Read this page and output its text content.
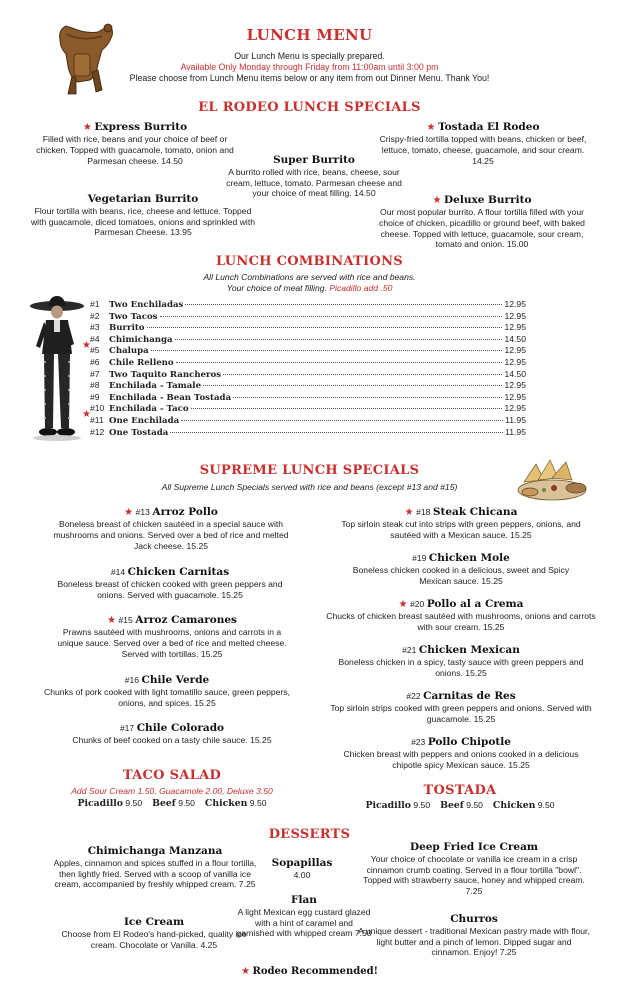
LUNCH MENU
Our Lunch Menu is specially prepared.
Available Only Monday through Friday from 11:00am until 3:00 pm
Please choose from Lunch Menu items below or any item from out Dinner Menu. Thank You!
EL RODEO LUNCH SPECIALS
★ Express Burrito
Filled with rice, beans and your choice of beef or chicken. Topped with guacamole, tomato, onion and Parmesan cheese. 14.50
★ Tostada El Rodeo
Crispy-fried tortilla topped with beans, chicken or beef, lettuce, tomato, cheese, guacamole, and sour cream. 14.25
Super Burrito
A burrito rolled with rice, beans, cheese, sour cream, lettuce, tomato. Parmesan cheese and your choice of meat filling. 14.50
Vegetarian Burrito
Flour tortilla with beans, rice, cheese and lettuce. Topped with guacamole, diced tomatoes, onions and sprinkled with Parmesan Cheese. 13.95
★ Deluxe Burrito
Our most popular burrito. A flour tortilla filled with your choice of chicken, picadillo or ground beef, with baked cheese. Topped with lettuce, guacamole, sour cream, tomato and onion. 15.00
LUNCH COMBINATIONS
All Lunch Combinations are served with rice and beans.
Your choice of meat filling. Picadillo add .50
#1	Two Enchiladas	12.95
#2	Two Tacos	12.95
#3	Burrito	12.95
★
#4	Chimichanga	14.50
#5	Chalupa	12.95
#6	Chile Relleno	12.95
#7	Two Taquito Rancheros	14.50
#8	Enchilada - Tamale	12.95
#9	Enchilada - Bean Tostada	12.95
★
#10 Enchilada - Taco	12.95
#11 One Enchilada	11.95
#12 One Tostada	11.95
SUPREME LUNCH SPECIALS
All Supreme Lunch Specials served with rice and beans (except #13 and #15)
★ #13 Arroz Pollo
Boneless breast of chicken sautéed in a special sauce with mushrooms and onions. Served over a bed of rice and melted Jack cheese. 15.25
#14 Chicken Carnitas
Boneless breast of chicken cooked with green peppers and onions. Served with guacamole. 15.25
★ #15 Arroz Camarones
Prawns sautéed with mushrooms, onions and carrots in a unique sauce. Served over a bed of rice and melted cheese. Served with tortillas. 15.25
#16 Chile Verde
Chunks of pork cooked with light tomatillo sauce, green peppers, onions, and spices. 15.25
#17 Chile Colorado
Chunks of beef cooked on a tasty chile sauce. 15.25
★ #18 Steak Chicana
Top sirloin steak cut into strips with green peppers, onions, and sautéed with a Mexican sauce. 15.25
#19 Chicken Mole
Boneless chicken cooked in a delicious, sweet and Spicy Mexican sauce. 15.25
★ #20 Pollo al a Crema
Chucks of chicken breast sautéed with mushrooms, onions and carrots with sour cream. 15.25
#21 Chicken Mexican
Boneless chicken in a spicy, tasty sauce with green peppers and onions. 15.25
#22 Carnitas de Res
Top sirloin strips cooked with green peppers and onions. Served with guacamole. 15.25
#23 Pollo Chipotle
Chicken breast with peppers and onions cooked in a delicious chipotle spicy Mexican sauce. 15.25
TACO SALAD
Add Sour Cream 1.50, Guacamole 2.00, Deluxe 3.50
Picadillo 9.50 Beef 9.50 Chicken 9.50
TOSTADA
Picadillo 9.50 Beef 9.50 Chicken 9.50
DESSERTS
Chimichanga Manzana
Apples, cinnamon and spices stuffed in a flour tortilla, then lightly fried. Served with a scoop of vanilla ice cream, accompanied by freshly whipped cream. 7.25
Sopapillas
4.00
Flan
A light Mexican egg custard glazed with a hint of caramel and garnished with whipped cream 7.50
Ice Cream
Choose from El Rodeo's hand-picked, quality ice cream. Chocolate or Vanilla. 4.25
Deep Fried Ice Cream
Your choice of chocolate or vanilla ice cream in a crisp cinnamon crumb coating. Served in a flour tortilla "bowl". Topped with strawberry sauce, honey and whipped cream. 7.25
Churros
A unique dessert - traditional Mexican pastry made with flour, light butter and a pinch of lemon. Dipped sugar and cinnamon. Enjoy! 7.25
★ Rodeo Recommended!
